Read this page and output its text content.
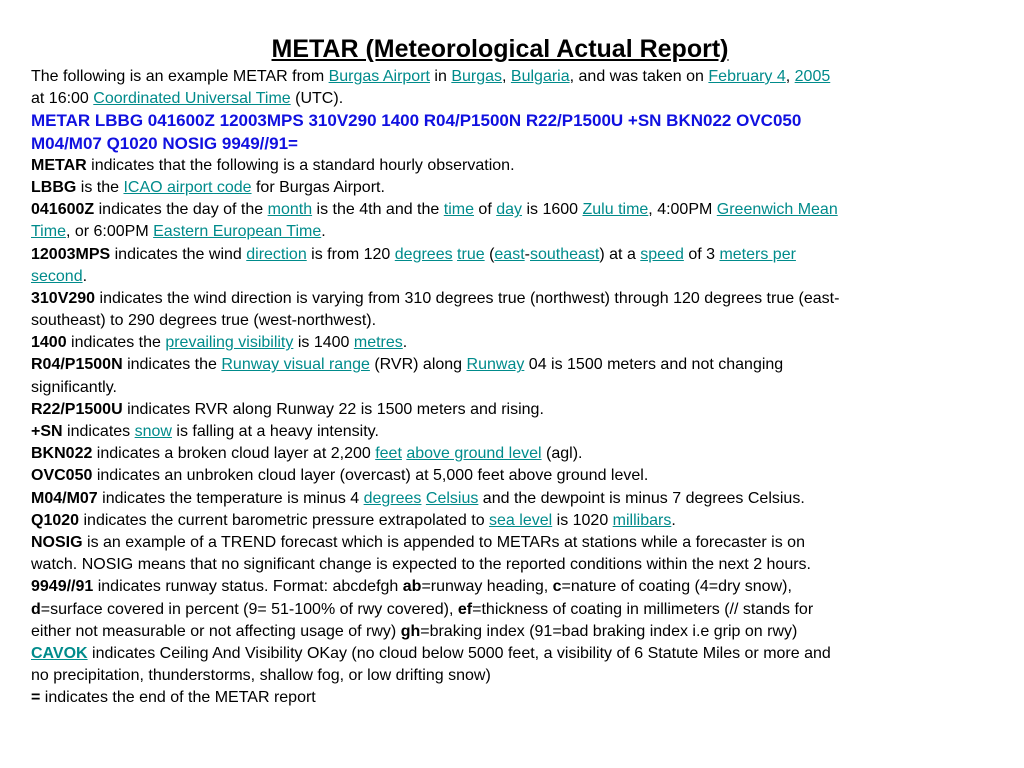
METAR (Meteorological Actual Report)
The following is an example METAR from Burgas Airport in Burgas, Bulgaria, and was taken on February 4, 2005
at 16:00 Coordinated Universal Time (UTC).
METAR LBBG 041600Z 12003MPS 310V290 1400 R04/P1500N R22/P1500U +SN BKN022 OVC050
M04/M07 Q1020 NOSIG 9949//91=
METAR indicates that the following is a standard hourly observation.
LBBG is the ICAO airport code for Burgas Airport.
041600Z indicates the day of the month is the 4th and the time of day is 1600 Zulu time, 4:00PM Greenwich Mean
Time, or 6:00PM Eastern European Time.
12003MPS indicates the wind direction is from 120 degrees true (east-southeast) at a speed of 3 meters per
second.
310V290 indicates the wind direction is varying from 310 degrees true (northwest) through 120 degrees true (east-
southeast) to 290 degrees true (west-northwest).
1400 indicates the prevailing visibility is 1400 metres.
R04/P1500N indicates the Runway visual range (RVR) along Runway 04 is 1500 meters and not changing
significantly.
R22/P1500U indicates RVR along Runway 22 is 1500 meters and rising.
+SN indicates snow is falling at a heavy intensity.
BKN022 indicates a broken cloud layer at 2,200 feet above ground level (agl).
OVC050 indicates an unbroken cloud layer (overcast) at 5,000 feet above ground level.
M04/M07 indicates the temperature is minus 4 degrees Celsius and the dewpoint is minus 7 degrees Celsius.
Q1020 indicates the current barometric pressure extrapolated to sea level is 1020 millibars.
NOSIG is an example of a TREND forecast which is appended to METARs at stations while a forecaster is on
watch. NOSIG means that no significant change is expected to the reported conditions within the next 2 hours.
9949//91 indicates runway status. Format: abcdefgh ab=runway heading, c=nature of coating (4=dry snow),
d=surface covered in percent (9= 51-100% of rwy covered), ef=thickness of coating in millimeters (// stands for
either not measurable or not affecting usage of rwy) gh=braking index (91=bad braking index i.e grip on rwy)
CAVOK indicates Ceiling And Visibility OKay (no cloud below 5000 feet, a visibility of 6 Statute Miles or more and
no precipitation, thunderstorms, shallow fog, or low drifting snow)
= indicates the end of the METAR report
